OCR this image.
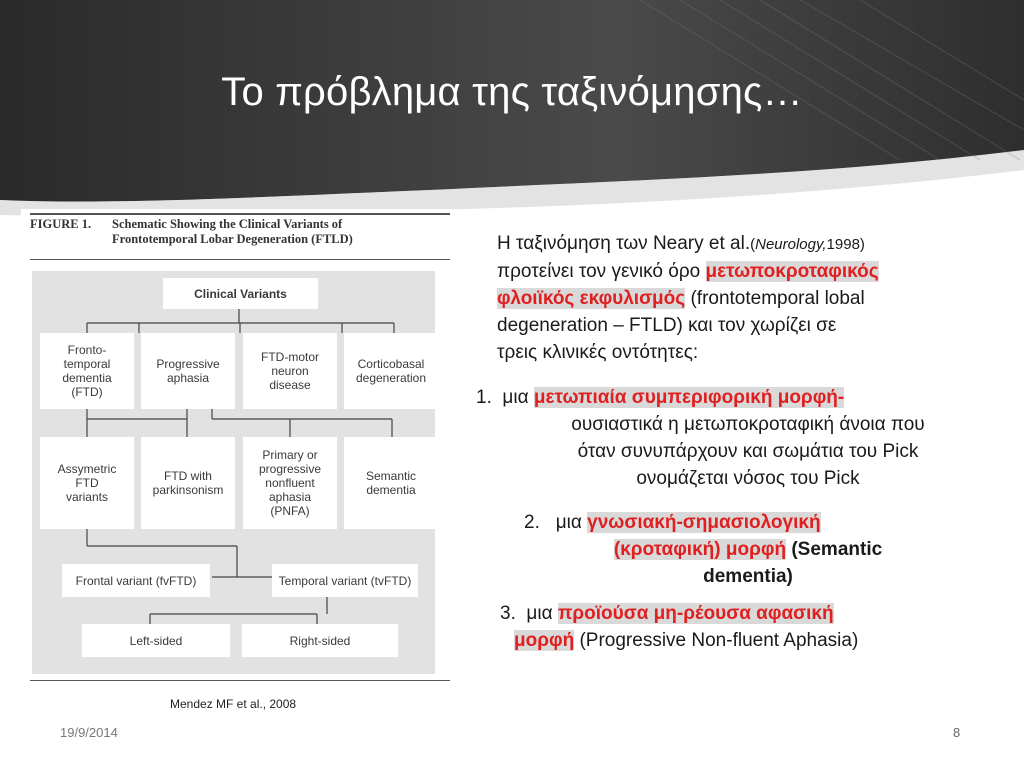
Το πρόβλημα της ταξινόμησης…
FIGURE 1. Schematic Showing the Clinical Variants of
Frontotemporal Lobar Degeneration (FTLD)
Clinical Variants
Fronto-
temporal
dementia
(FTD)
Progressive
aphasia
FTD-motor
neuron
disease
Corticobasal
degeneration
Assymetric
FTD
variants
FTD with
parkinsonism
Primary or
progressive
nonfluent
aphasia
(PNFA)
Semantic
dementia
Frontal variant (fvFTD)	Temporal variant (tvFTD)
Left-sided	Right-sided
Mendez MF et al., 2008
Η ταξινόμηση των Neary et al.(Neurology,1998)
προτείνει τον γενικό όρο μετωποκροταφικός
φλοιϊκός εκφυλισμός (frontotemporal lobal
degeneration – FTLD) και τον χωρίζει σε
τρεις κλινικές οντότητες:
1. μια μετωπιαία συμπεριφορική μορφή-
ουσιαστικά η μετωποκροταφική άνοια που
όταν συνυπάρχουν και σωμάτια του Pick
ονομάζεται νόσος του Pick
2. μια γνωσιακή-σημασιολογική
(κροταφική) μορφή (Semantic
dementia)
3. μια προϊούσα μη-ρέουσα αφασική
μορφή (Progressive Non-fluent Aphasia)
19/9/2014	8
